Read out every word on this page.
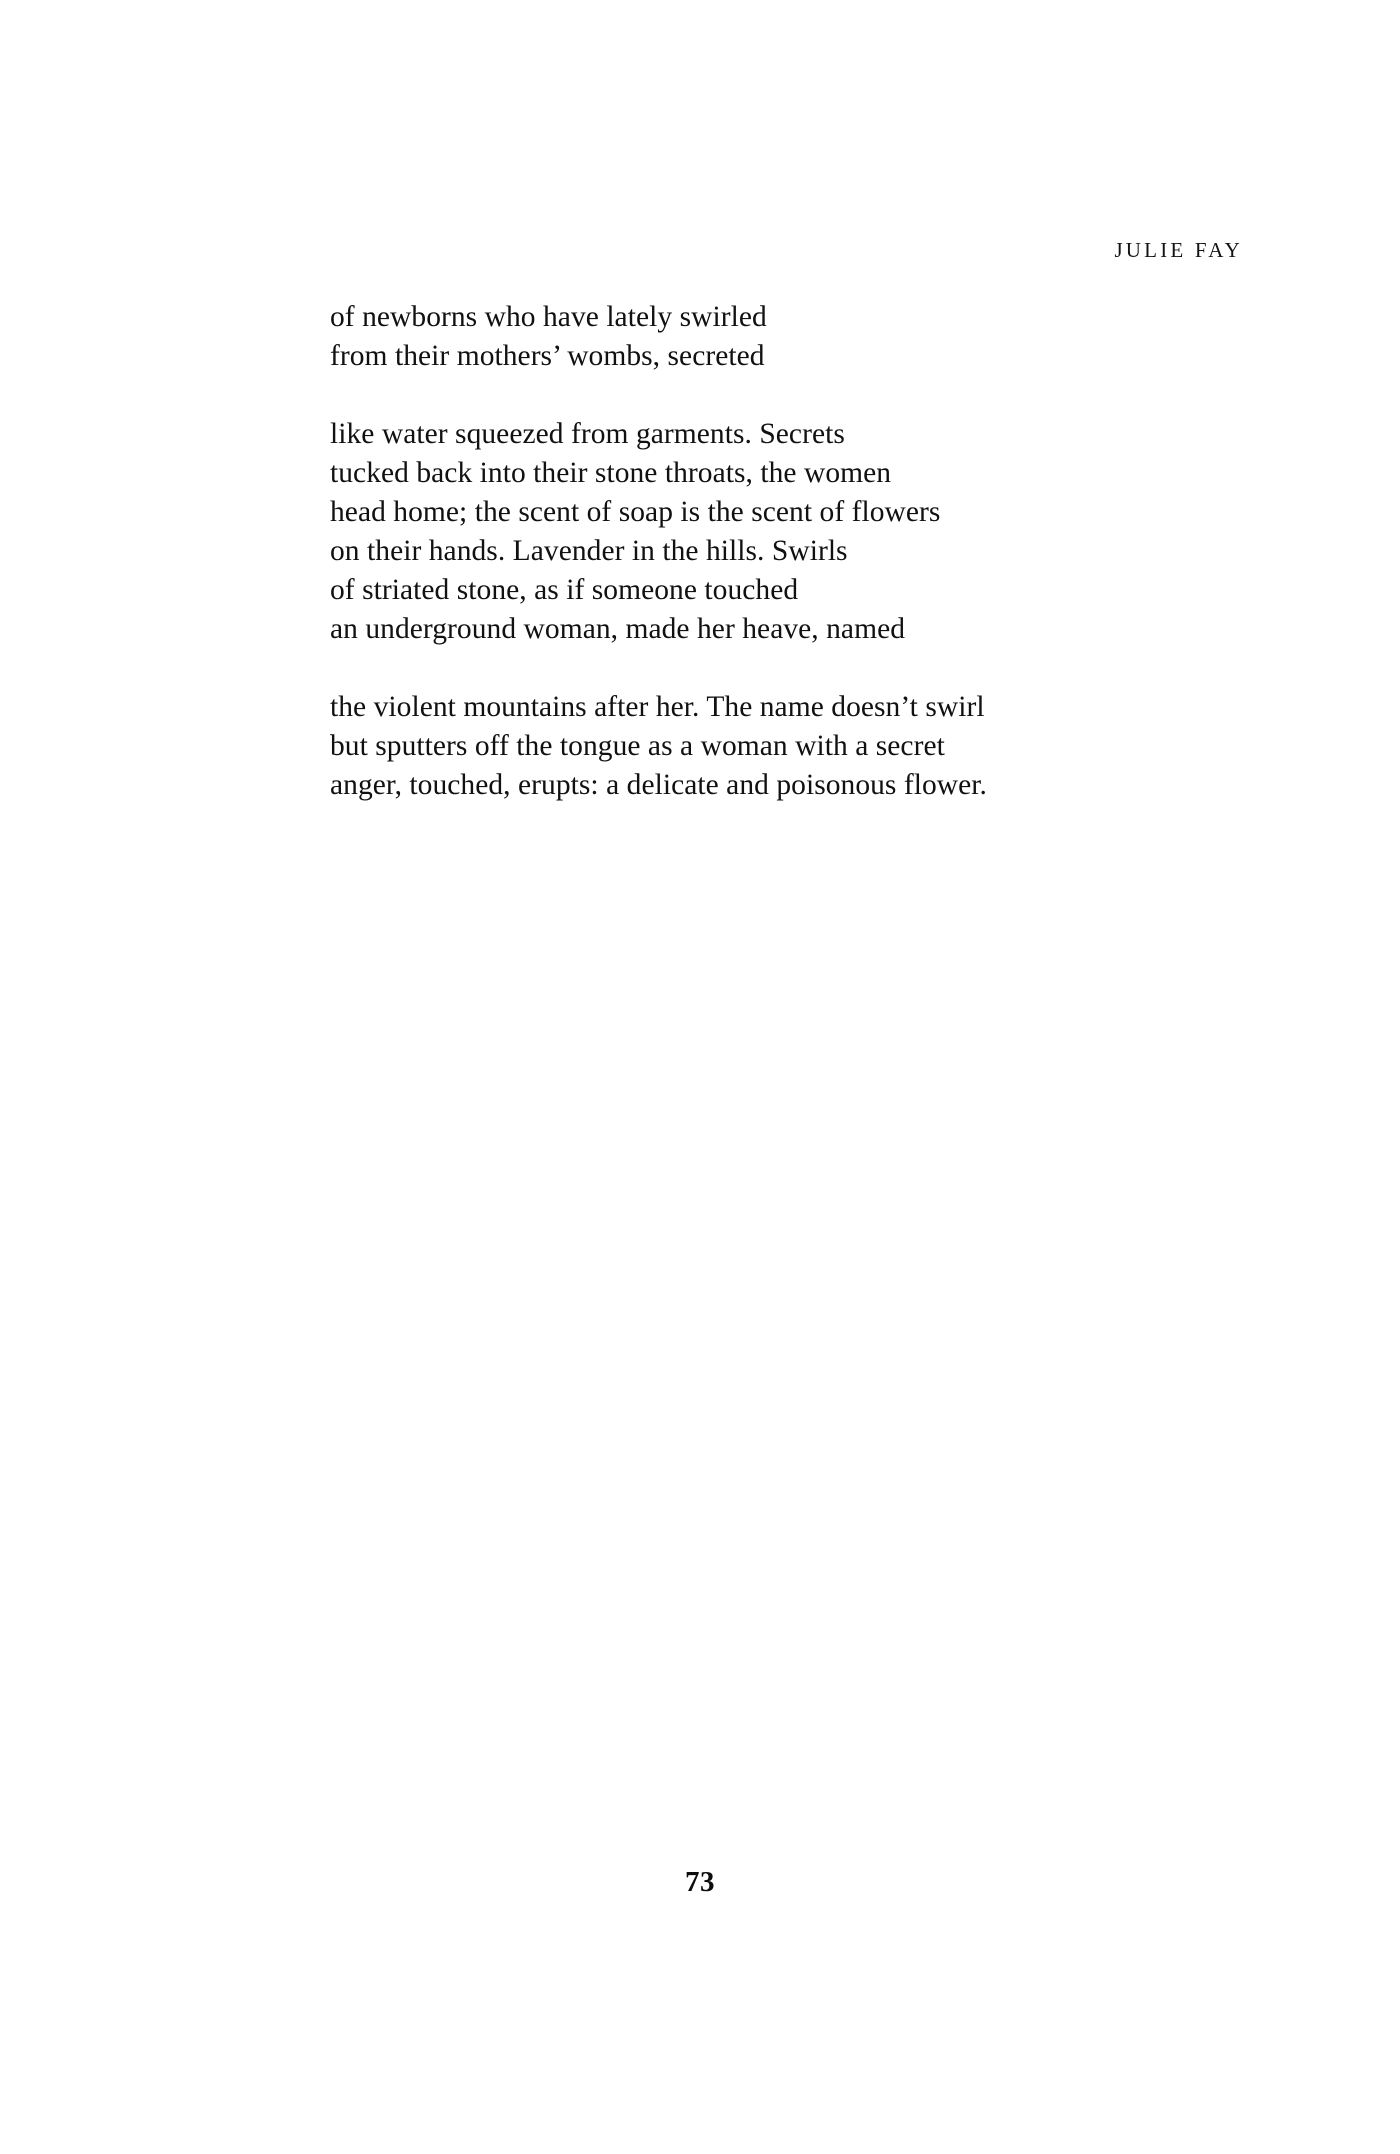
JULIE FAY
of newborns who have lately swirled
from their mothers’ wombs, secreted
like water squeezed from garments. Secrets
tucked back into their stone throats, the women
head home; the scent of soap is the scent of flowers
on their hands. Lavender in the hills. Swirls
of striated stone, as if someone touched
an underground woman, made her heave, named
the violent mountains after her. The name doesn’t swirl
but sputters off the tongue as a woman with a secret
anger, touched, erupts: a delicate and poisonous flower.
73
